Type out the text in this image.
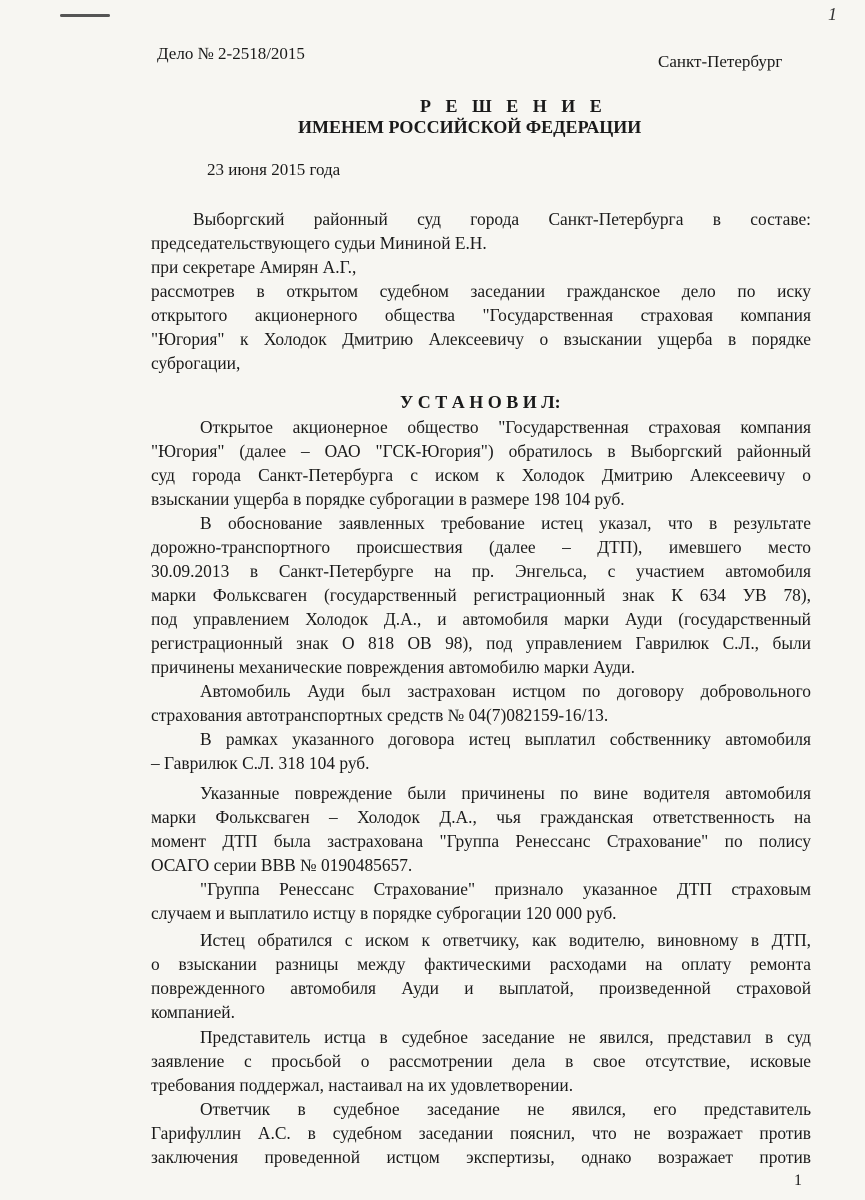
Дело № 2-2518/2015	Санкт-Петербург
1
Р Е Ш Е Н И Е
ИМЕНЕМ РОССИЙСКОЙ ФЕДЕРАЦИИ
23 июня 2015 года
Выборгский районный суд города Санкт-Петербурга в составе:
председательствующего судьи Мининой Е.Н.
при секретаре Амирян А.Г.,
рассмотрев в открытом судебном заседании гражданское дело по иску
открытого акционерного общества "Государственная страховая компания
"Югория" к Холодок Дмитрию Алексеевичу о взыскании ущерба в порядке
суброгации,
У С Т А Н О В И Л:
Открытое акционерное общество "Государственная страховая компания
"Югория" (далее – ОАО "ГСК-Югория") обратилось в Выборгский районный
суд города Санкт-Петербурга с иском к Холодок Дмитрию Алексеевичу о
взыскании ущерба в порядке суброгации в размере 198 104 руб.
В обоснование заявленных требование истец указал, что в результате
дорожно-транспортного происшествия (далее – ДТП), имевшего место
30.09.2013 в Санкт-Петербурге на пр. Энгельса, с участием автомобиля
марки Фольксваген (государственный регистрационный знак К 634 УВ 78),
под управлением Холодок Д.А., и автомобиля марки Ауди (государственный
регистрационный знак О 818 ОВ 98), под управлением Гаврилюк С.Л., были
причинены механические повреждения автомобилю марки Ауди.
Автомобиль Ауди был застрахован истцом по договору добровольного
страхования автотранспортных средств № 04(7)082159-16/13.
В рамках указанного договора истец выплатил собственнику автомобиля
– Гаврилюк С.Л. 318 104 руб.
Указанные повреждение были причинены по вине водителя автомобиля
марки Фольксваген – Холодок Д.А., чья гражданская ответственность на
момент ДТП была застрахована "Группа Ренессанс Страхование" по полису
ОСАГО серии ВВВ № 0190485657.
"Группа Ренессанс Страхование" признало указанное ДТП страховым
случаем и выплатило истцу в порядке суброгации 120 000 руб.
Истец обратился с иском к ответчику, как водителю, виновному в ДТП,
о взыскании разницы между фактическими расходами на оплату ремонта
поврежденного автомобиля Ауди и выплатой, произведенной страховой
компанией.
Представитель истца в судебное заседание не явился, представил в суд
заявление с просьбой о рассмотрении дела в свое отсутствие, исковые
требования поддержал, настаивал на их удовлетворении.
Ответчик в судебное заседание не явился, его представитель
Гарифуллин А.С. в судебном заседании пояснил, что не возражает против
заключения проведенной истцом экспертизы, однако возражает против
1
